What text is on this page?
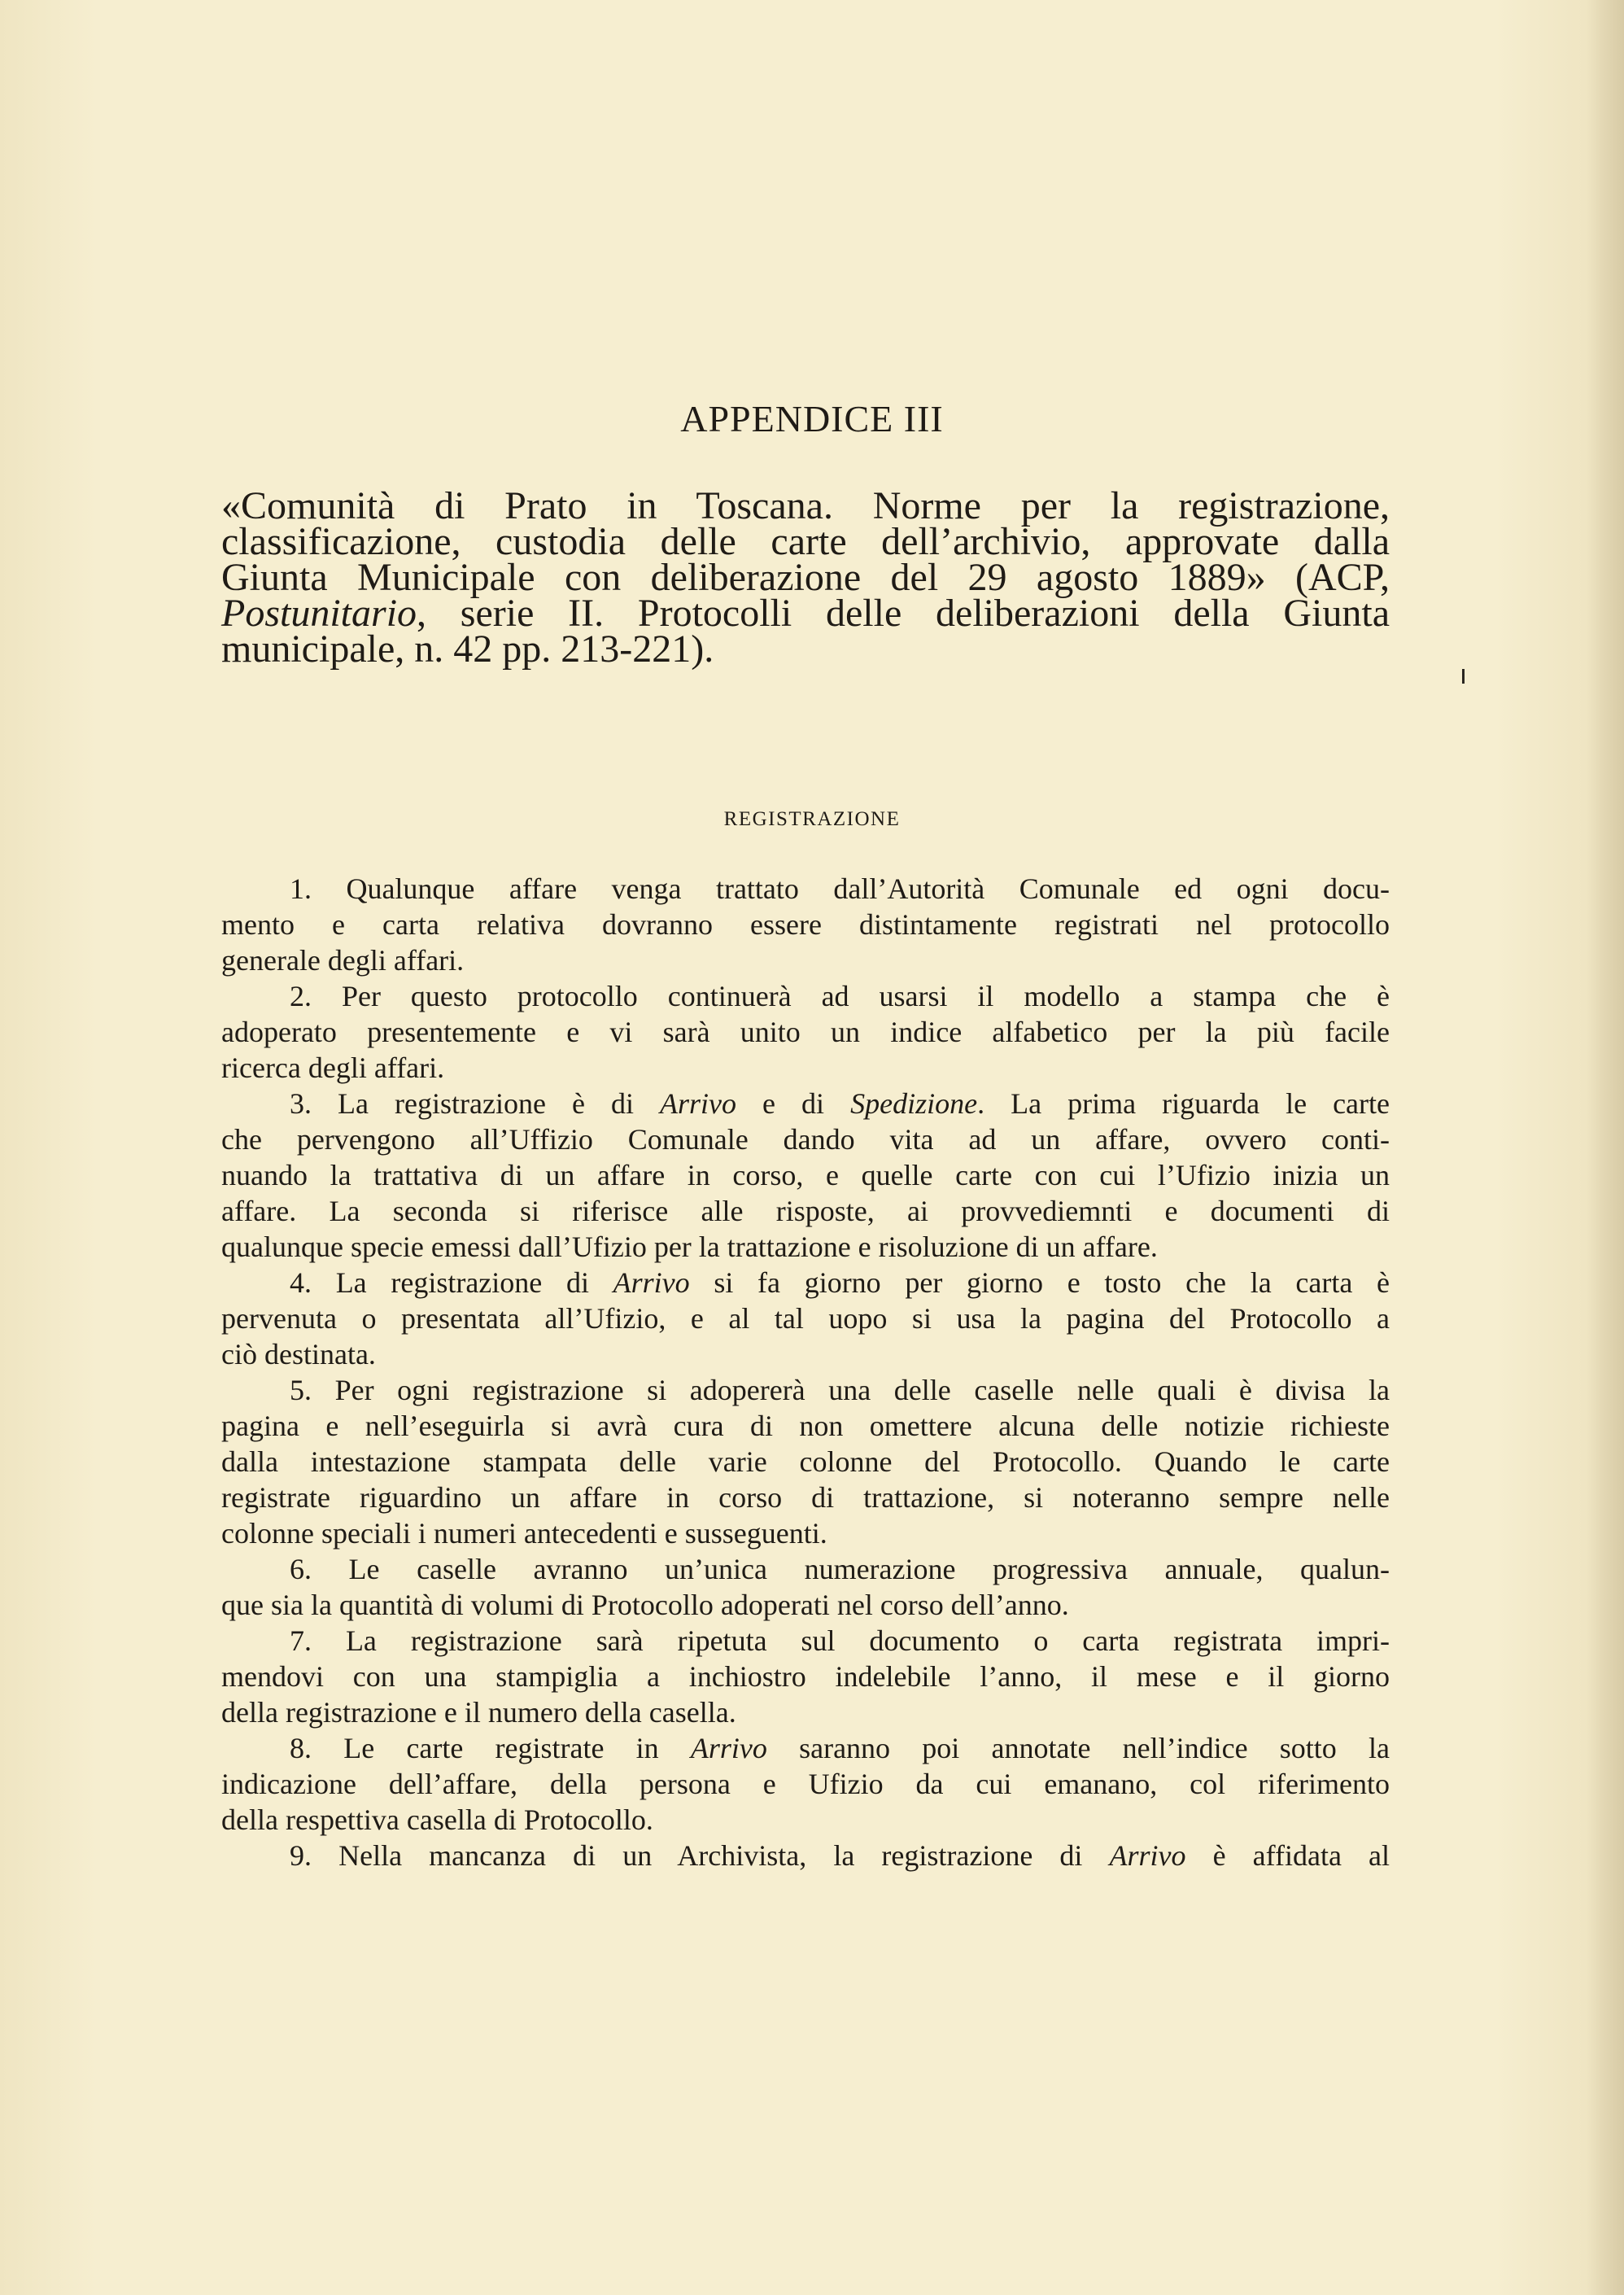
APPENDICE III
«Comunità di Prato in Toscana. Norme per la registrazione,
classificazione, custodia delle carte dell’archivio, approvate dalla
Giunta Municipale con deliberazione del 29 agosto 1889» (ACP,
Postunitario, serie II. Protocolli delle deliberazioni della Giunta
municipale, n. 42 pp. 213-221).
REGISTRAZIONE
1. Qualunque affare venga trattato dall’Autorità Comunale ed ogni docu-
mento e carta relativa dovranno essere distintamente registrati nel protocollo
generale degli affari.
2. Per questo protocollo continuerà ad usarsi il modello a stampa che è
adoperato presentemente e vi sarà unito un indice alfabetico per la più facile
ricerca degli affari.
3. La registrazione è di Arrivo e di Spedizione. La prima riguarda le carte
che pervengono all’Uffizio Comunale dando vita ad un affare, ovvero conti-
nuando la trattativa di un affare in corso, e quelle carte con cui l’Ufizio inizia un
affare. La seconda si riferisce alle risposte, ai provvediemnti e documenti di
qualunque specie emessi dall’Ufizio per la trattazione e risoluzione di un affare.
4. La registrazione di Arrivo si fa giorno per giorno e tosto che la carta è
pervenuta o presentata all’Ufizio, e al tal uopo si usa la pagina del Protocollo a
ciò destinata.
5. Per ogni registrazione si adopererà una delle caselle nelle quali è divisa la
pagina e nell’eseguirla si avrà cura di non omettere alcuna delle notizie richieste
dalla intestazione stampata delle varie colonne del Protocollo. Quando le carte
registrate riguardino un affare in corso di trattazione, si noteranno sempre nelle
colonne speciali i numeri antecedenti e susseguenti.
6. Le caselle avranno un’unica numerazione progressiva annuale, qualun-
que sia la quantità di volumi di Protocollo adoperati nel corso dell’anno.
7. La registrazione sarà ripetuta sul documento o carta registrata impri-
mendovi con una stampiglia a inchiostro indelebile l’anno, il mese e il giorno
della registrazione e il numero della casella.
8. Le carte registrate in Arrivo saranno poi annotate nell’indice sotto la
indicazione dell’affare, della persona e Ufizio da cui emanano, col riferimento
della respettiva casella di Protocollo.
9. Nella mancanza di un Archivista, la registrazione di Arrivo è affidata al
